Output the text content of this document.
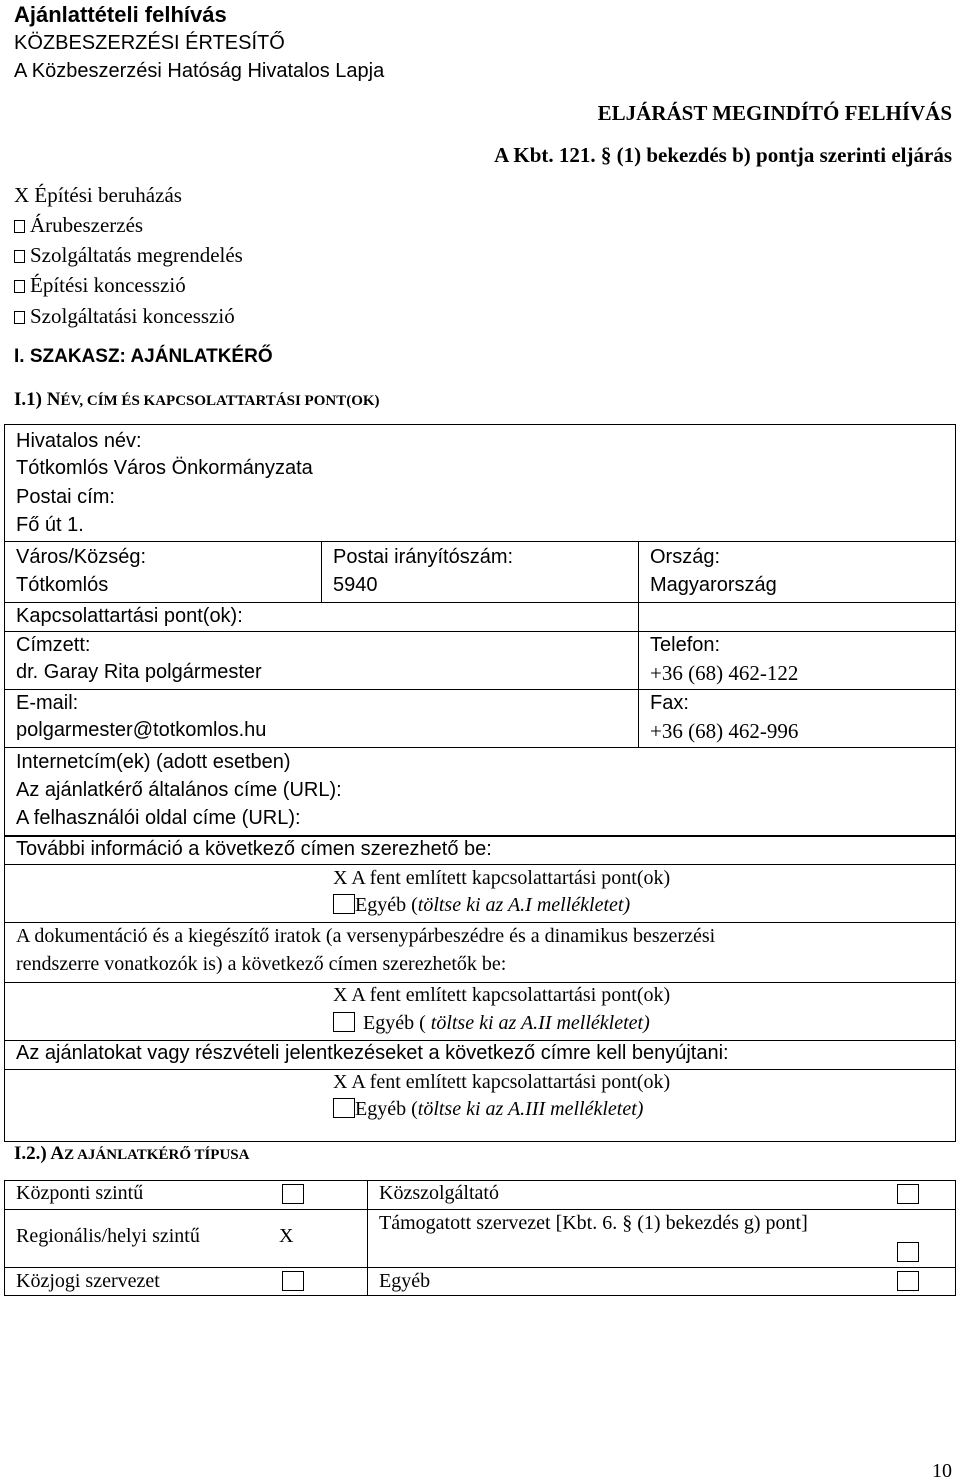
Ajánlattételi felhívás
KÖZBESZERZÉSI ÉRTESÍTŐ
A Közbeszerzési Hatóság Hivatalos Lapja
ELJÁRÁST MEGINDÍTÓ FELHÍVÁS
A Kbt. 121. § (1) bekezdés b) pontja szerinti eljárás
X Építési beruházás
Árubeszerzés
Szolgáltatás megrendelés
Építési koncesszió
Szolgáltatási koncesszió
I. SZAKASZ: AJÁNLATKÉRŐ
I.1) NÉV, CÍM ÉS KAPCSOLATTARTÁSI PONT(OK)
Hivatalos név:
Tótkomlós Város Önkormányzata
Postai cím:
Fő út 1.
Város/Község:
Tótkomlós
Postai irányítószám:
5940
Ország:
Magyarország
Kapcsolattartási pont(ok):
Címzett:
dr. Garay Rita polgármester
Telefon:
+36 (68) 462-122
E-mail:
polgarmester@totkomlos.hu
Fax:
+36 (68) 462-996
Internetcím(ek) (adott esetben)
Az ajánlatkérő általános címe (URL):
A felhasználói oldal címe (URL):
További információ a következő címen szerezhető be:
X A fent említett kapcsolattartási pont(ok)
Egyéb (töltse ki az A.I mellékletet)
A dokumentáció és a kiegészítő iratok (a versenypárbeszédre és a dinamikus beszerzési
rendszerre vonatkozók is) a következő címen szerezhetők be:
X A fent említett kapcsolattartási pont(ok)
Egyéb ( töltse ki az A.II mellékletet)
Az ajánlatokat vagy részvételi jelentkezéseket a következő címre kell benyújtani:
X A fent említett kapcsolattartási pont(ok)
Egyéb (töltse ki az A.III mellékletet)
I.2.) AZ AJÁNLATKÉRŐ TÍPUSA
Központi szintű
Regionális/helyi szintű	X
Közjogi szervezet
Közszolgáltató
Támogatott szervezet [Kbt. 6. § (1) bekezdés g) pont]
Egyéb
10
